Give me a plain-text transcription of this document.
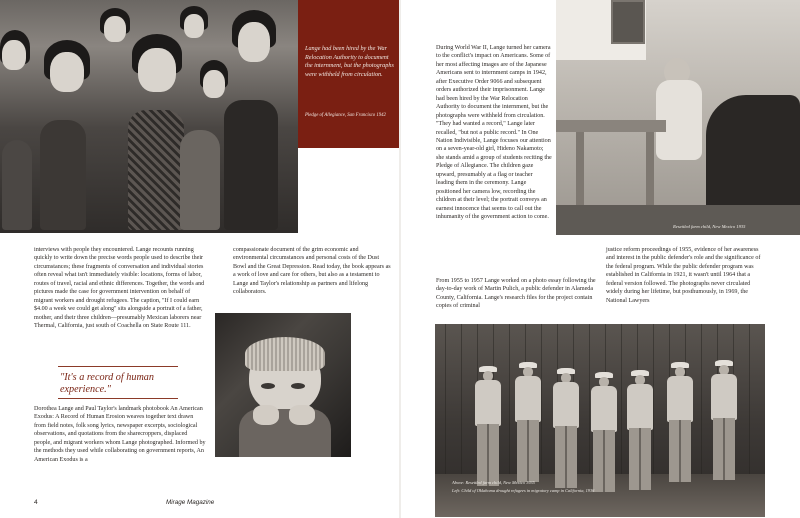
Lange had been hired by the War Relocation Authority to document the internment, but the photographs were withheld from circulation.
Pledge of Allegiance, San Francisco 1942
interviews with people they encountered. Lange recounts running quickly to write down the precise words people used to describe their circumstances; these fragments of conversation and individual stories often reveal what isn't immediately visible: locations, forms of labor, routes of travel, racial and ethnic differences. Together, the words and pictures made the case for government intervention on behalf of migrant workers and drought refugees. The caption, "If I could earn $4.00 a week we could get along" sits alongside a portrait of a father, mother, and their three children—presumably Mexican laborers near Thermal, California, just south of Coachella on State Route 111.
"It's a record of human experience."
Dorothea Lange and Paul Taylor's landmark photobook An American Exodus: A Record of Human Erosion weaves together text drawn from field notes, folk song lyrics, newspaper excerpts, sociological observations, and quotations from the sharecroppers, displaced people, and migrant workers whom Lange photographed. Informed by the methods they used while collaborating on government reports, An American Exodus is a
compassionate document of the grim economic and environmental circumstances and personal costs of the Dust Bowl and the Great Depression. Read today, the book appears as a work of love and care for others, but also as a testament to Lange and Taylor's relationship as partners and lifelong collaborators.
4	Mirage Magazine
During World War II, Lange turned her camera to the conflict's impact on Americans. Some of her most affecting images are of the Japanese Americans sent to internment camps in 1942, after Executive Order 9066 and subsequent orders authorized their imprisonment. Lange had been hired by the War Relocation Authority to document the internment, but the photographs were withheld from circulation. "They had wanted a record," Lange later recalled, "but not a public record." In One Nation Indivisible, Lange focuses our attention on a seven-year-old girl, Hideno Nakamoto; she stands amid a group of students reciting the Pledge of Allegiance. The children gaze upward, presumably at a flag or teacher leading them in the ceremony. Lange positioned her camera low, recording the children at their level; the portrait conveys an earnest innocence that seems to call out the inhumanity of the government action to come.
From 1955 to 1957 Lange worked on a photo essay following the day-to-day work of Martin Pulich, a public defender in Alameda County, California. Lange's research files for the project contain copies of criminal
justice reform proceedings of 1955, evidence of her awareness and interest in the public defender's role and the significance of the federal program. While the public defender program was established in California in 1921, it wasn't until 1964 that a federal version followed. The photographs never circulated widely during her lifetime, but posthumously, in 1969, the National Lawyers
Resettled farm child, New Mexico 1935
Above: Resettled farm child, New Mexico 1935
Left: Child of Oklahoma drought refugees in migratory camp in California, 1936
